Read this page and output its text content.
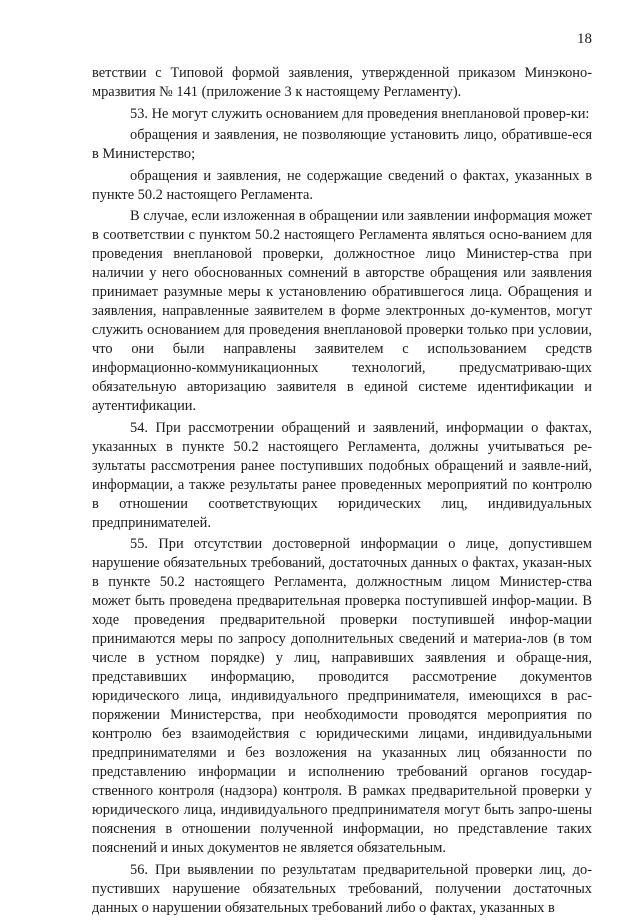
18

ветствии с Типовой формой заявления, утвержденной приказом Минэконо-мразвития № 141 (приложение 3 к настоящему Регламенту).

53. Не могут служить основанием для проведения внеплановой провер-ки:

обращения и заявления, не позволяющие установить лицо, обративше-еся в Министерство;

обращения и заявления, не содержащие сведений о фактах, указанных в пункте 50.2 настоящего Регламента.

В случае, если изложенная в обращении или заявлении информация может в соответствии с пунктом 50.2 настоящего Регламента являться осно-ванием для проведения внеплановой проверки, должностное лицо Министер-ства при наличии у него обоснованных сомнений в авторстве обращения или заявления принимает разумные меры к установлению обратившегося лица. Обращения и заявления, направленные заявителем в форме электронных до-кументов, могут служить основанием для проведения внеплановой проверки только при условии, что они были направлены заявителем с использованием средств информационно-коммуникационных технологий, предусматриваю-щих обязательную авторизацию заявителя в единой системе идентификации и аутентификации.

54. При рассмотрении обращений и заявлений, информации о фактах, указанных в пункте 50.2 настоящего Регламента, должны учитываться ре-зультаты рассмотрения ранее поступивших подобных обращений и заявле-ний, информации, а также результаты ранее проведенных мероприятий по контролю в отношении соответствующих юридических лиц, индивидуальных предпринимателей.

55. При отсутствии достоверной информации о лице, допустившем нарушение обязательных требований, достаточных данных о фактах, указан-ных в пункте 50.2 настоящего Регламента, должностным лицом Министер-ства может быть проведена предварительная проверка поступившей инфор-мации. В ходе проведения предварительной проверки поступившей инфор-мации принимаются меры по запросу дополнительных сведений и материа-лов (в том числе в устном порядке) у лиц, направивших заявления и обраще-ния, представивших информацию, проводится рассмотрение документов юридического лица, индивидуального предпринимателя, имеющихся в рас-поряжении Министерства, при необходимости проводятся мероприятия по контролю без взаимодействия с юридическими лицами, индивидуальными предпринимателями и без возложения на указанных лиц обязанности по представлению информации и исполнению требований органов государ-ственного контроля (надзора) контроля. В рамках предварительной проверки у юридического лица, индивидуального предпринимателя могут быть запро-шены пояснения в отношении полученной информации, но представление таких пояснений и иных документов не является обязательным.

56. При выявлении по результатам предварительной проверки лиц, до-пустивших нарушение обязательных требований, получении достаточных данных о нарушении обязательных требований либо о фактах, указанных в
